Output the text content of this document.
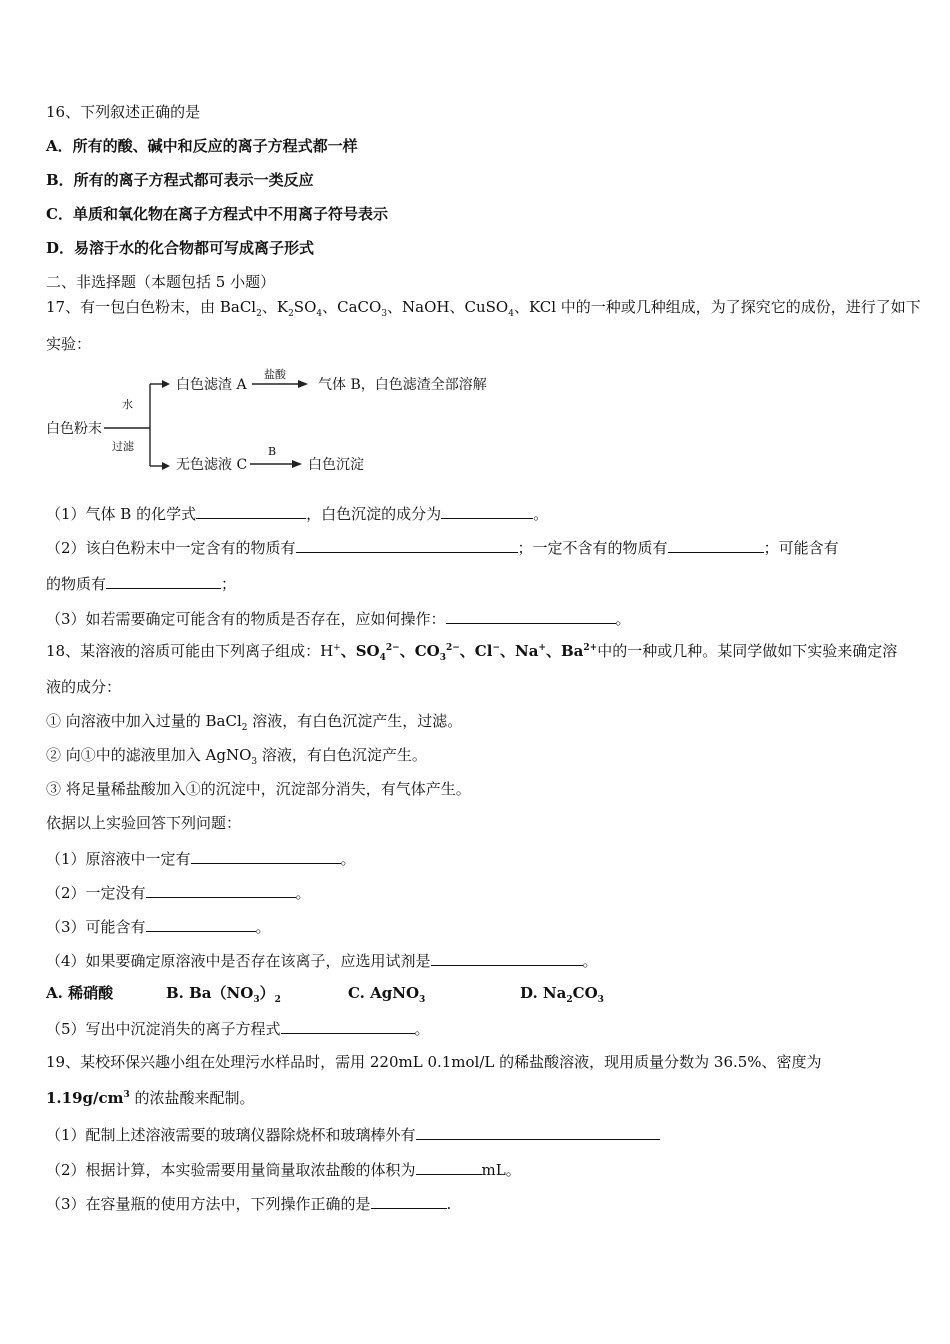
16、下列叙述正确的是
A．所有的酸、碱中和反应的离子方程式都一样
B．所有的离子方程式都可表示一类反应
C．单质和氧化物在离子方程式中不用离子符号表示
D．易溶于水的化合物都可写成离子形式
二、非选择题（本题包括 5 小题）
17、有一包白色粉末，由 BaCl$_2$、$K_2SO_4$、CaCO$_3$、NaOH、CuSO$_4$、KCl 中的一种或几种组成，为了探究它的成份，进行了如下
实验：
白色粉末
水
过滤
白色滤渣 A
盐酸
气体 B，白色滤渣全部溶解
无色滤液 C
B
白色沉淀
（1）气体 B 的化学式	，白色沉淀的成分为	。
（2）该白色粉末中一定含有的物质有	；一定不含有的物质有	；可能含有
的物质有	；
（3）如若需要确定可能含有的物质是否存在，应如何操作：	。
18、某溶液的溶质可能由下列离子组成：H+、$SO_4^{2-}$、$CO_3^{2-}$、Cl−、Na+、$Ba^{2+}$中的一种或几种。某同学做如下实验来确定溶
液的成分：
① 向溶液中加入过量的 BaCl$_2$ 溶液，有白色沉淀产生，过滤。
② 向①中的滤液里加入 AgNO$_3$ 溶液，有白色沉淀产生。
③ 将足量稀盐酸加入①的沉淀中，沉淀部分消失，有气体产生。
依据以上实验回答下列问题：
（1）原溶液中一定有	。
（2）一定没有	。
（3）可能含有	。
（4）如果要确定原溶液中是否存在该离子，应选用试剂是	。
A. 稀硝酸	B. $Ba(NO_3)_2$	C. AgNO$_3$	D. $Na_2CO_3$
（5）写出中沉淀消失的离子方程式	。
19、某校环保兴趣小组在处理污水样品时，需用 220mL 0.1mol/L 的稀盐酸溶液，现用质量分数为 36.5%、密度为
$1.19g/cm^3$ 的浓盐酸来配制。
（1）配制上述溶液需要的玻璃仪器除烧杯和玻璃棒外有
（2）根据计算，本实验需要用量筒量取浓盐酸的体积为	mL。
（3）在容量瓶的使用方法中，下列操作正确的是	.
